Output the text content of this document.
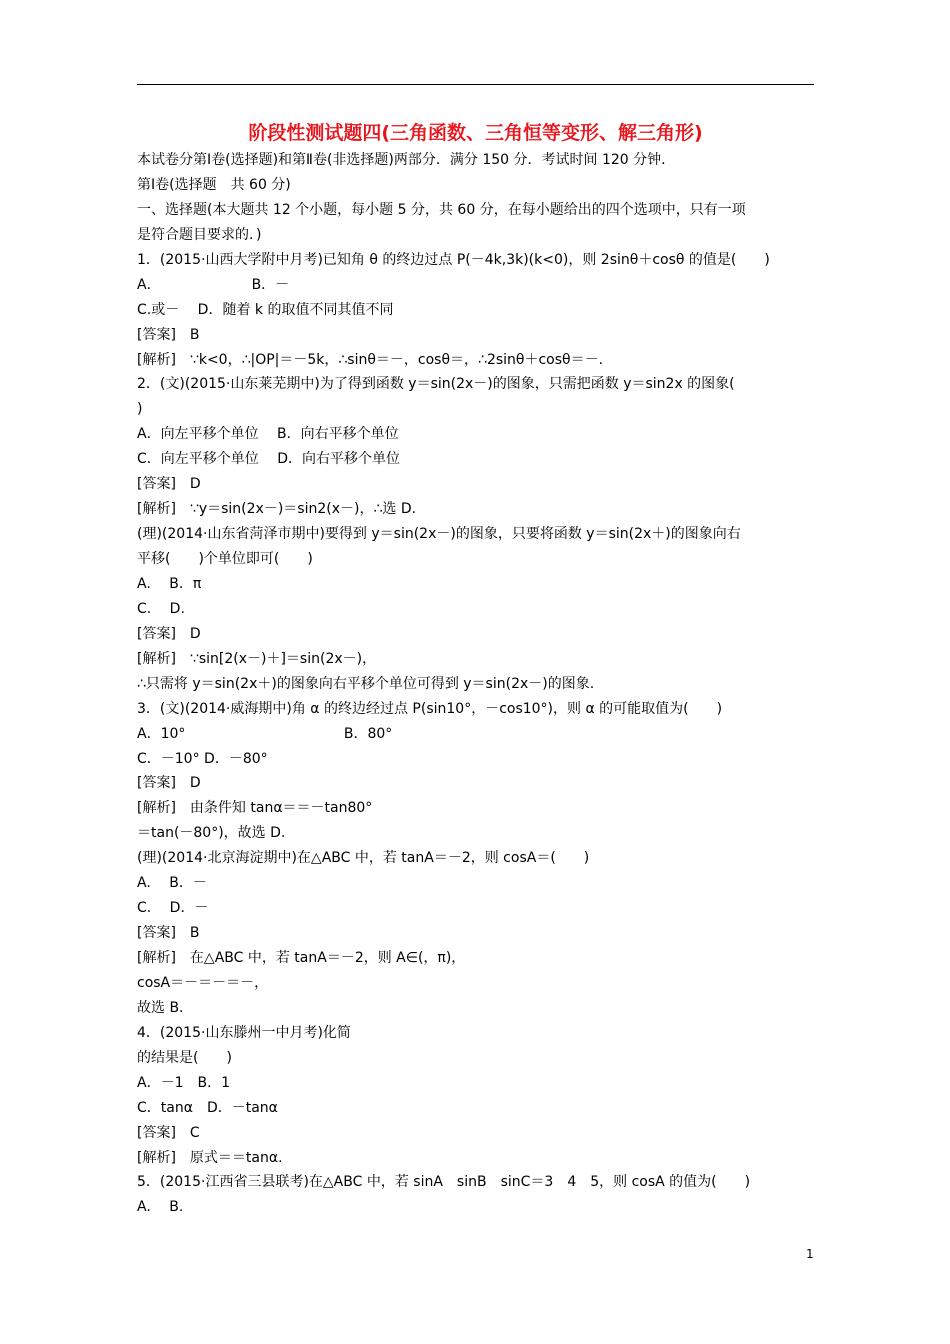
阶段性测试题四(三角函数、三角恒等变形、解三角形)
本试卷分第Ⅰ卷(选择题)和第Ⅱ卷(非选择题)两部分．满分 150 分．考试时间 120 分钟．
第Ⅰ卷(选择题　共 60 分)
一、选择题(本大题共 12 个小题，每小题 5 分，共 60 分，在每小题给出的四个选项中，只有一项
是符合题目要求的．)
1．(2015·山西大学附中月考)已知角 θ 的终边过点 P(－4k,3k)(k<0)，则 2sinθ＋cosθ 的值是(　　)
A．　　　　　　　B．－
C.或－　 D．随着 k 的取值不同其值不同
[答案]　B
[解析]　∵k<0，∴|OP|＝－5k，∴sinθ＝－，cosθ＝，∴2sinθ＋cosθ＝－.
2．(文)(2015·山东莱芜期中)为了得到函数 y＝sin(2x－)的图象，只需把函数 y＝sin2x 的图象(
)
A．向左平移个单位　 B．向右平移个单位
C．向左平移个单位　 D．向右平移个单位
[答案]　D
[解析]　∵y＝sin(2x－)＝sin2(x－)，∴选 D.
(理)(2014·山东省菏泽市期中)要得到 y＝sin(2x－)的图象，只要将函数 y＝sin(2x＋)的图象向右
平移(　　)个单位即可(　　)
A.　 B．π
C.　 D.
[答案]　D
[解析]　∵sin[2(x－)＋]＝sin(2x－)，
∴只需将 y＝sin(2x＋)的图象向右平移个单位可得到 y＝sin(2x－)的图象.
3．(文)(2014·威海期中)角 α 的终边经过点 P(sin10°，－cos10°)，则 α 的可能取值为(　　)
A．10°　　　　　　　　　　　 B．80°
C．－10° D．－80°
[答案]　D
[解析]　由条件知 tanα＝＝－tan80°
＝tan(－80°)，故选 D.
(理)(2014·北京海淀期中)在△ABC 中，若 tanA＝－2，则 cosA＝(　　)
A.　 B．－
C.　 D．－
[答案]　B
[解析]　在△ABC 中，若 tanA＝－2，则 A∈(，π)，
cosA＝－＝－＝－，
故选 B.
4．(2015·山东滕州一中月考)化简
的结果是(　　)
A．－1　B．1
C．tanα　D．－tanα
[答案]　C
[解析]　原式＝＝tanα.
5．(2015·江西省三县联考)在△ABC 中，若 sinA　sinB　sinC＝3　4　5，则 cosA 的值为(　　)
A.　 B.
1
